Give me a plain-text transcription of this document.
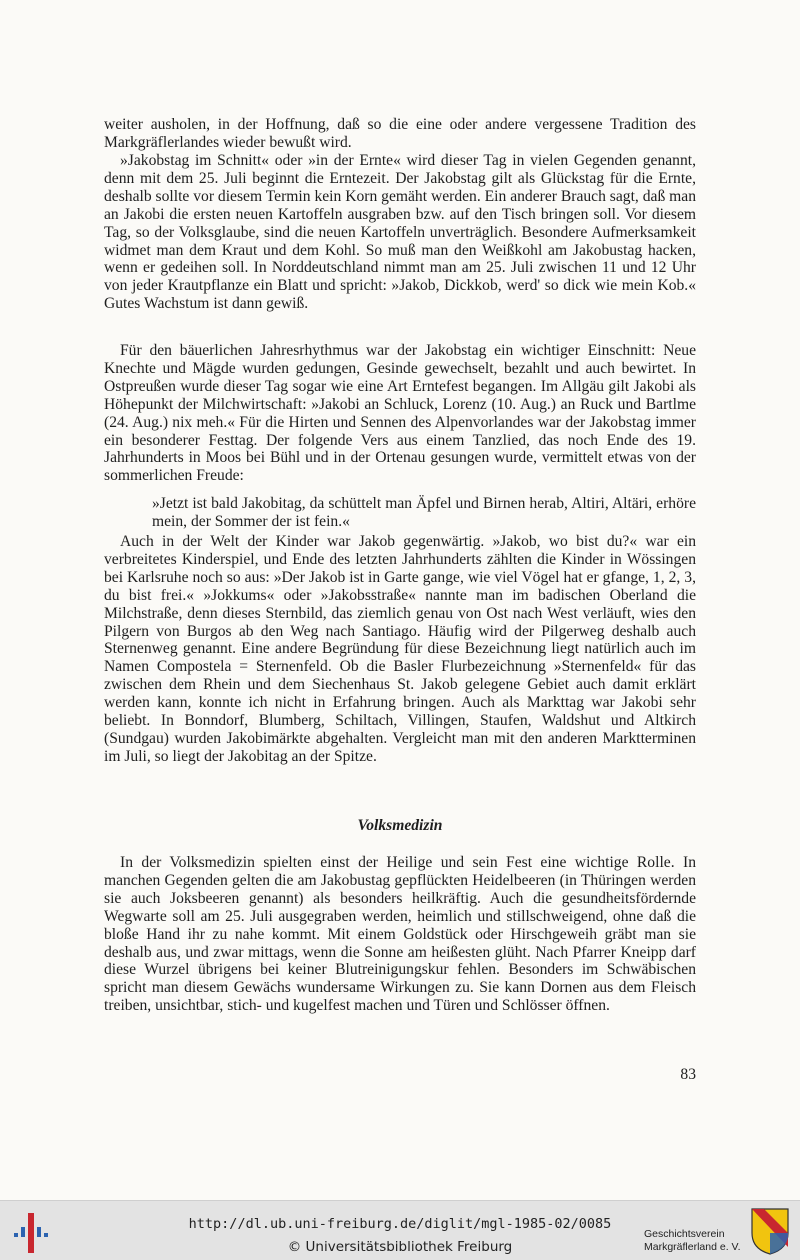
weiter ausholen, in der Hoffnung, daß so die eine oder andere vergessene Tradition des Markgräflerlandes wieder bewußt wird.

»Jakobstag im Schnitt« oder »in der Ernte« wird dieser Tag in vielen Gegenden genannt, denn mit dem 25. Juli beginnt die Erntezeit. Der Jakobstag gilt als Glückstag für die Ernte, deshalb sollte vor diesem Termin kein Korn gemäht werden. Ein anderer Brauch sagt, daß man an Jakobi die ersten neuen Kartoffeln ausgraben bzw. auf den Tisch bringen soll. Vor diesem Tag, so der Volksglaube, sind die neuen Kartoffeln unverträglich. Besondere Aufmerksamkeit widmet man dem Kraut und dem Kohl. So muß man den Weißkohl am Jakobustag hacken, wenn er gedeihen soll. In Norddeutschland nimmt man am 25. Juli zwischen 11 und 12 Uhr von jeder Krautpflanze ein Blatt und spricht: »Jakob, Dickkob, werd' so dick wie mein Kob.« Gutes Wachstum ist dann gewiß.

Für den bäuerlichen Jahresrhythmus war der Jakobstag ein wichtiger Einschnitt: Neue Knechte und Mägde wurden gedungen, Gesinde gewechselt, bezahlt und auch bewirtet. In Ostpreußen wurde dieser Tag sogar wie eine Art Erntefest begangen. Im Allgäu gilt Jakobi als Höhepunkt der Milchwirtschaft: »Jakobi an Schluck, Lorenz (10. Aug.) an Ruck und Bartlme (24. Aug.) nix meh.« Für die Hirten und Sennen des Alpenvorlandes war der Jakobstag immer ein besonderer Festtag. Der folgende Vers aus einem Tanzlied, das noch Ende des 19. Jahrhunderts in Moos bei Bühl und in der Ortenau gesungen wurde, vermittelt etwas von der sommerlichen Freude:

»Jetzt ist bald Jakobitag, da schüttelt man Äpfel und Birnen herab, Altiri, Altäri, erhöre mein, der Sommer der ist fein.«

Auch in der Welt der Kinder war Jakob gegenwärtig. »Jakob, wo bist du?« war ein verbreitetes Kinderspiel, und Ende des letzten Jahrhunderts zählten die Kinder in Wössingen bei Karlsruhe noch so aus: »Der Jakob ist in Garte gange, wie viel Vögel hat er gfange, 1, 2, 3, du bist frei.« »Jokkums« oder »Jakobsstraße« nannte man im badischen Oberland die Milchstraße, denn dieses Sternbild, das ziemlich genau von Ost nach West verläuft, wies den Pilgern von Burgos ab den Weg nach Santiago. Häufig wird der Pilgerweg deshalb auch Sternenweg genannt. Eine andere Begründung für diese Bezeichnung liegt natürlich auch im Namen Compostela = Sternenfeld. Ob die Basler Flurbezeichnung »Sternenfeld« für das zwischen dem Rhein und dem Siechenhaus St. Jakob gelegene Gebiet auch damit erklärt werden kann, konnte ich nicht in Erfahrung bringen. Auch als Markttag war Jakobi sehr beliebt. In Bonndorf, Blumberg, Schiltach, Villingen, Staufen, Waldshut und Altkirch (Sundgau) wurden Jakobimärkte abgehalten. Vergleicht man mit den anderen Marktterminen im Juli, so liegt der Jakobitag an der Spitze.

Volksmedizin

In der Volksmedizin spielten einst der Heilige und sein Fest eine wichtige Rolle. In manchen Gegenden gelten die am Jakobustag gepflückten Heidelbeeren (in Thüringen werden sie auch Joksbeeren genannt) als besonders heilkräftig. Auch die gesundheitsfördernde Wegwarte soll am 25. Juli ausgegraben werden, heimlich und stillschweigend, ohne daß die bloße Hand ihr zu nahe kommt. Mit einem Goldstück oder Hirschgeweih gräbt man sie deshalb aus, und zwar mittags, wenn die Sonne am heißesten glüht. Nach Pfarrer Kneipp darf diese Wurzel übrigens bei keiner Blutreinigungskur fehlen. Besonders im Schwäbischen spricht man diesem Gewächs wundersame Wirkungen zu. Sie kann Dornen aus dem Fleisch treiben, unsichtbar, stich- und kugelfest machen und Türen und Schlösser öffnen.

83
http://dl.ub.uni-freiburg.de/diglit/mgl-1985-02/0085
© Universitätsbibliothek Freiburg
Geschichtsverein
Markgräflerland e. V.
